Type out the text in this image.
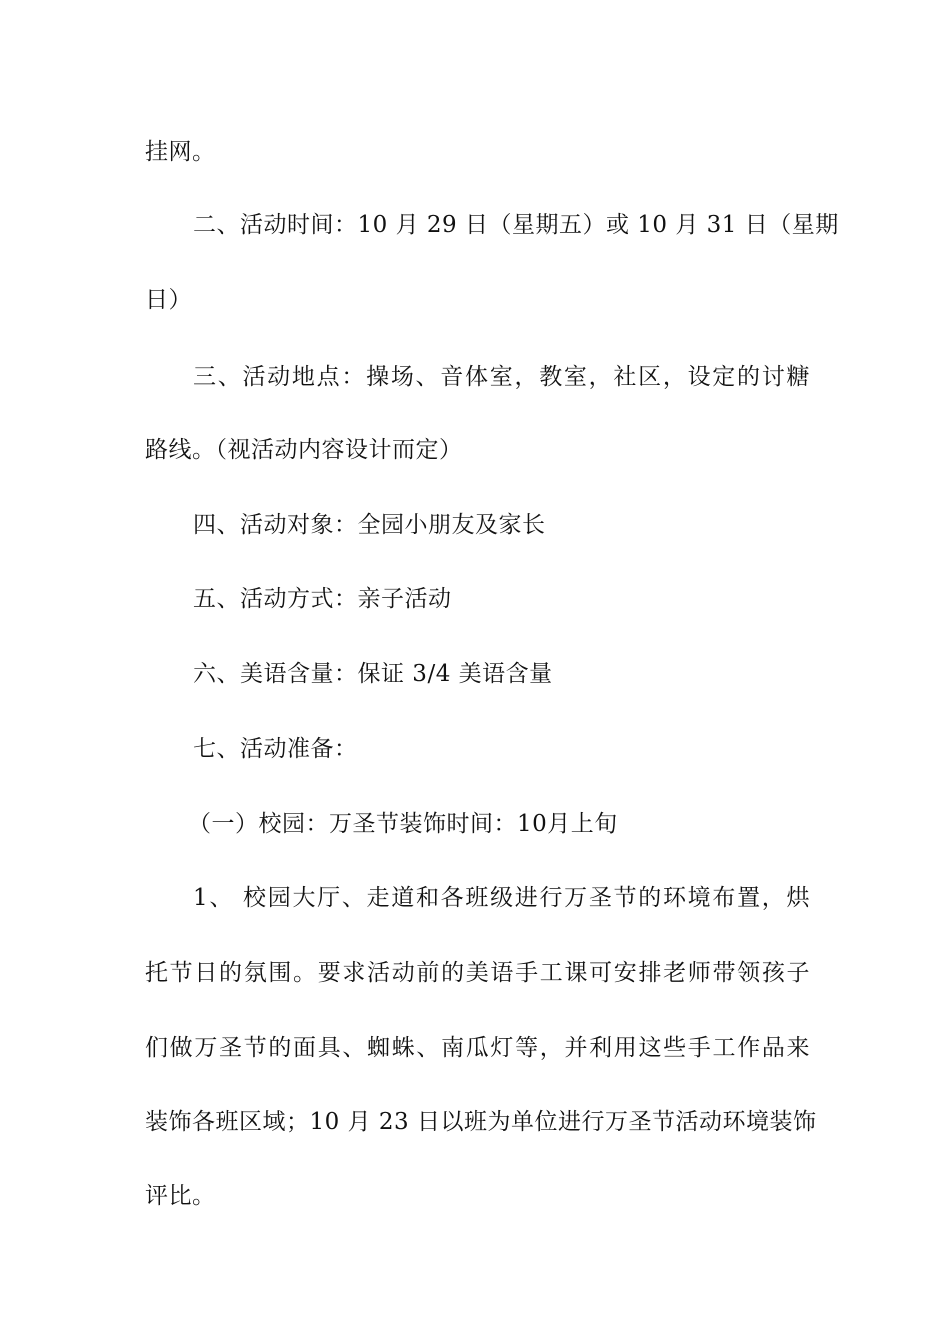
挂网。
二、活动时间：10 月 29 日（星期五）或 10 月 31 日（星期
日）
三、活动地点：操场、音体室，教室，社区，设定的讨糖
路线。（视活动内容设计而定）
四、活动对象：全园小朋友及家长
五、活动方式：亲子活动
六、美语含量：保证 3/4 美语含量
七、活动准备：
（一）校园：万圣节装饰时间：10月上旬
1、 校园大厅、走道和各班级进行万圣节的环境布置，烘
托节日的氛围。要求活动前的美语手工课可安排老师带领孩子
们做万圣节的面具、蜘蛛、南瓜灯等，并利用这些手工作品来
装饰各班区域；10 月 23 日以班为单位进行万圣节活动环境装饰
评比。
